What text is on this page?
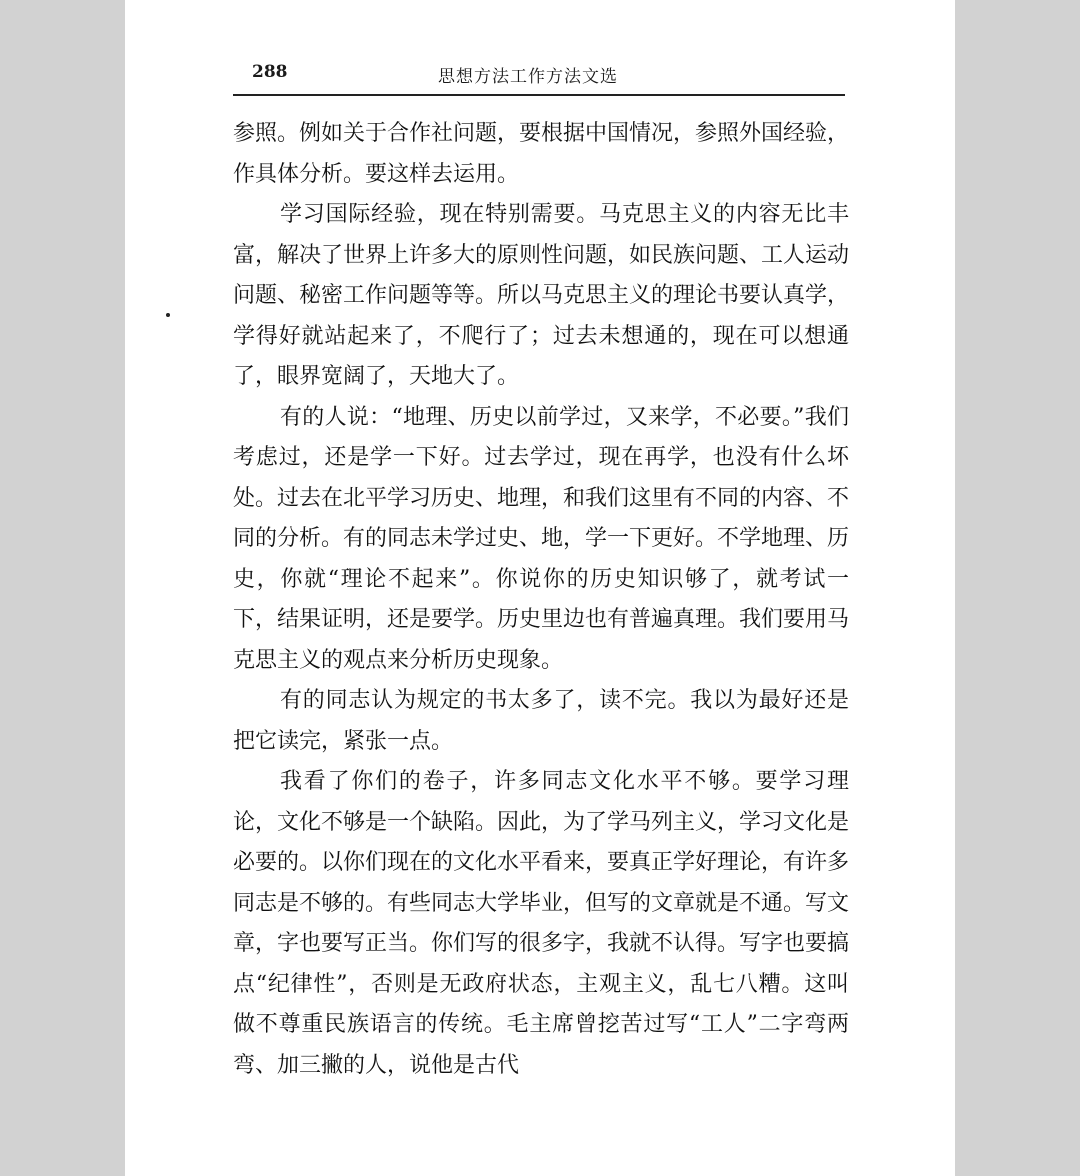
288	思想方法工作方法文选

参照。例如关于合作社问题，要根据中国情况，参照外国经验，作具体分析。要这样去运用。

学习国际经验，现在特别需要。马克思主义的内容无比丰富，解决了世界上许多大的原则性问题，如民族问题、工人运动问题、秘密工作问题等等。所以马克思主义的理论书要认真学，学得好就站起来了，不爬行了；过去未想通的，现在可以想通了，眼界宽阔了，天地大了。

有的人说：“地理、历史以前学过，又来学，不必要。”我们考虑过，还是学一下好。过去学过，现在再学，也没有什么坏处。过去在北平学习历史、地理，和我们这里有不同的内容、不同的分析。有的同志未学过史、地，学一下更好。不学地理、历史，你就“理论不起来”。你说你的历史知识够了，就考试一下，结果证明，还是要学。历史里边也有普遍真理。我们要用马克思主义的观点来分析历史现象。

有的同志认为规定的书太多了，读不完。我以为最好还是把它读完，紧张一点。

我看了你们的卷子，许多同志文化水平不够。要学习理论，文化不够是一个缺陷。因此，为了学马列主义，学习文化是必要的。以你们现在的文化水平看来，要真正学好理论，有许多同志是不够的。有些同志大学毕业，但写的文章就是不通。写文章，字也要写正当。你们写的很多字，我就不认得。写字也要搞点“纪律性”，否则是无政府状态，主观主义，乱七八糟。这叫做不尊重民族语言的传统。毛主席曾挖苦过写“工人”二字弯两弯、加三撇的人，说他是古代
